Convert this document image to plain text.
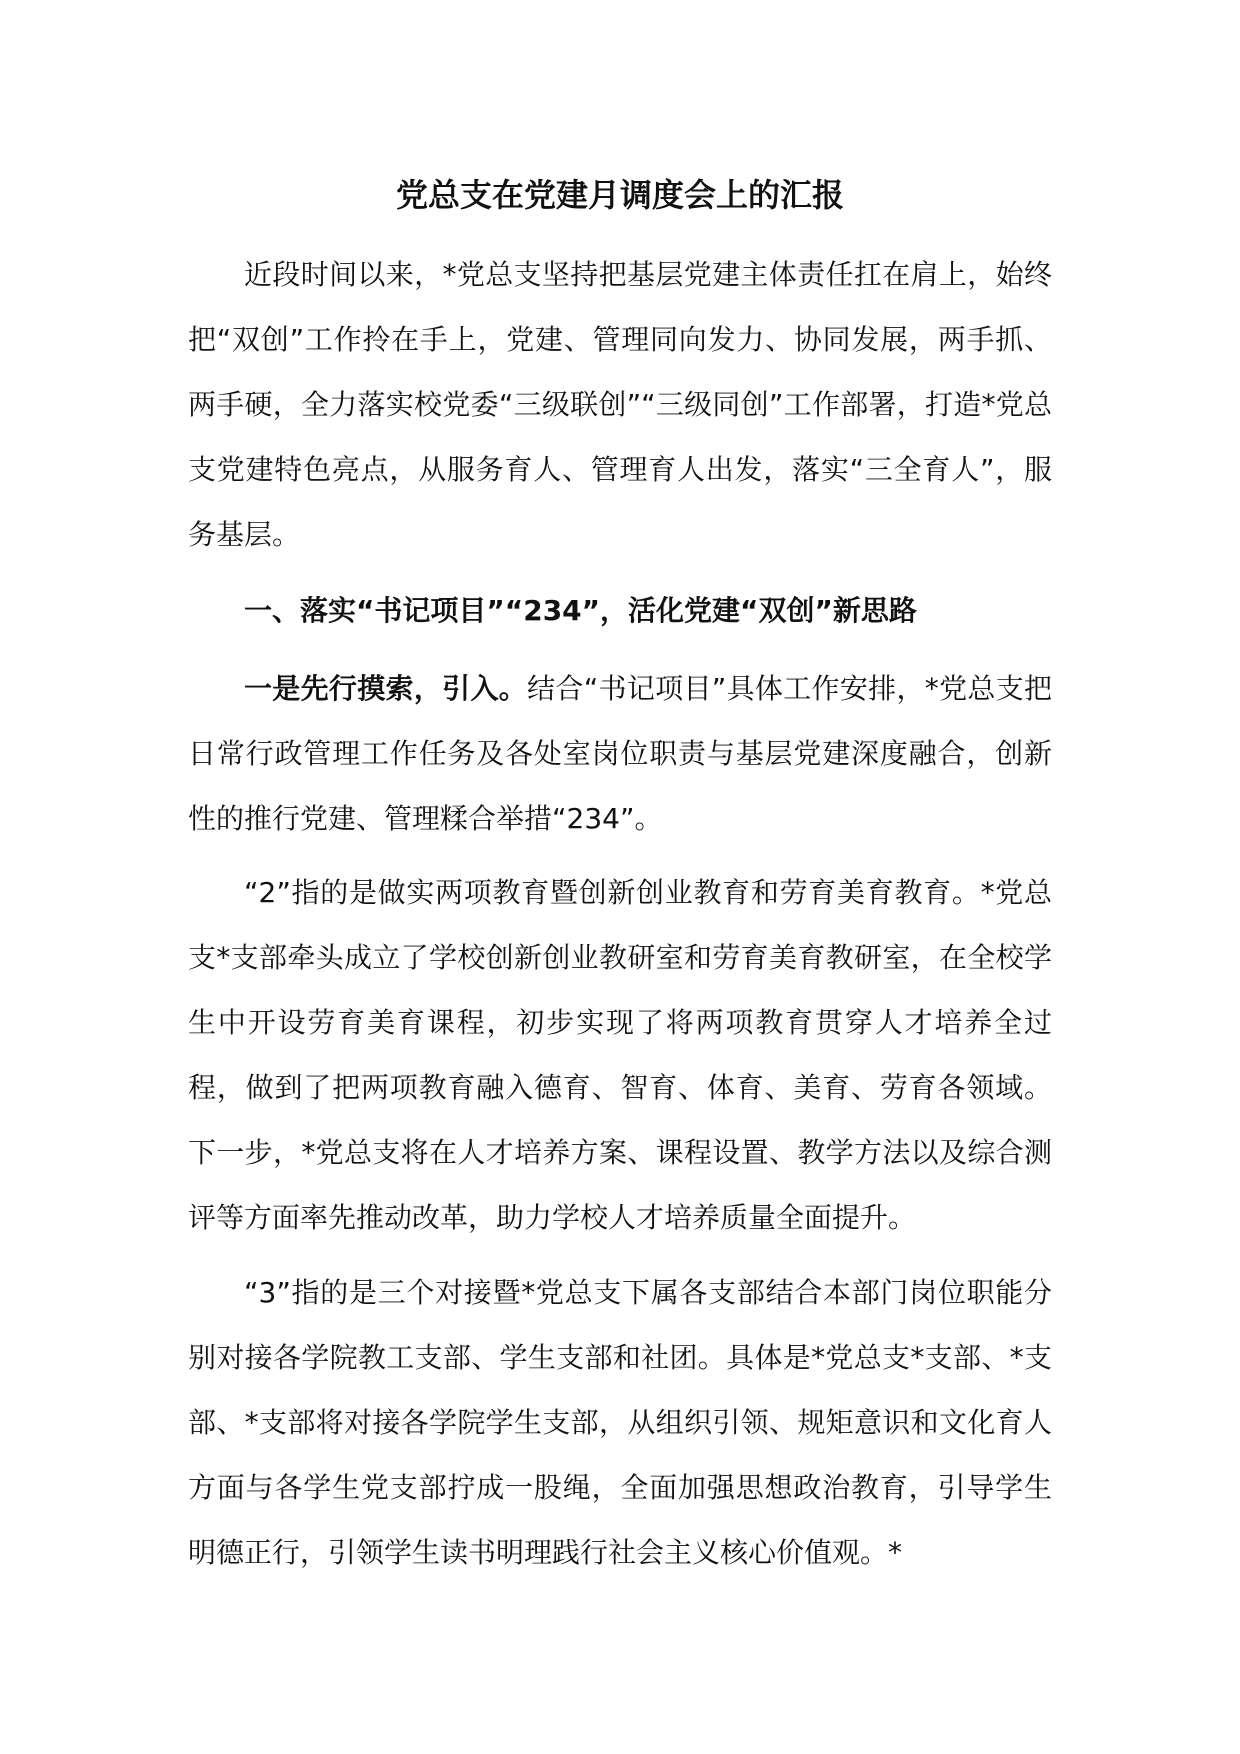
党总支在党建月调度会上的汇报

近段时间以来，*党总支坚持把基层党建主体责任扛在肩上，始终把“双创”工作拎在手上，党建、管理同向发力、协同发展，两手抓、两手硬，全力落实校党委“三级联创”“三级同创”工作部署，打造*党总支党建特色亮点，从服务育人、管理育人出发，落实“三全育人”，服务基层。

一、落实“书记项目”“234”，活化党建“双创”新思路

一是先行摸索，引入。结合“书记项目”具体工作安排，*党总支把日常行政管理工作任务及各处室岗位职责与基层党建深度融合，创新性的推行党建、管理糅合举措“234”。

“2”指的是做实两项教育暨创新创业教育和劳育美育教育。*党总支*支部牵头成立了学校创新创业教研室和劳育美育教研室，在全校学生中开设劳育美育课程，初步实现了将两项教育贯穿人才培养全过程，做到了把两项教育融入德育、智育、体育、美育、劳育各领域。下一步，*党总支将在人才培养方案、课程设置、教学方法以及综合测评等方面率先推动改革，助力学校人才培养质量全面提升。

“3”指的是三个对接暨*党总支下属各支部结合本部门岗位职能分别对接各学院教工支部、学生支部和社团。具体是*党总支*支部、*支部、*支部将对接各学院学生支部，从组织引领、规矩意识和文化育人方面与各学生党支部拧成一股绳，全面加强思想政治教育，引导学生明德正行，引领学生读书明理践行社会主义核心价值观。*
